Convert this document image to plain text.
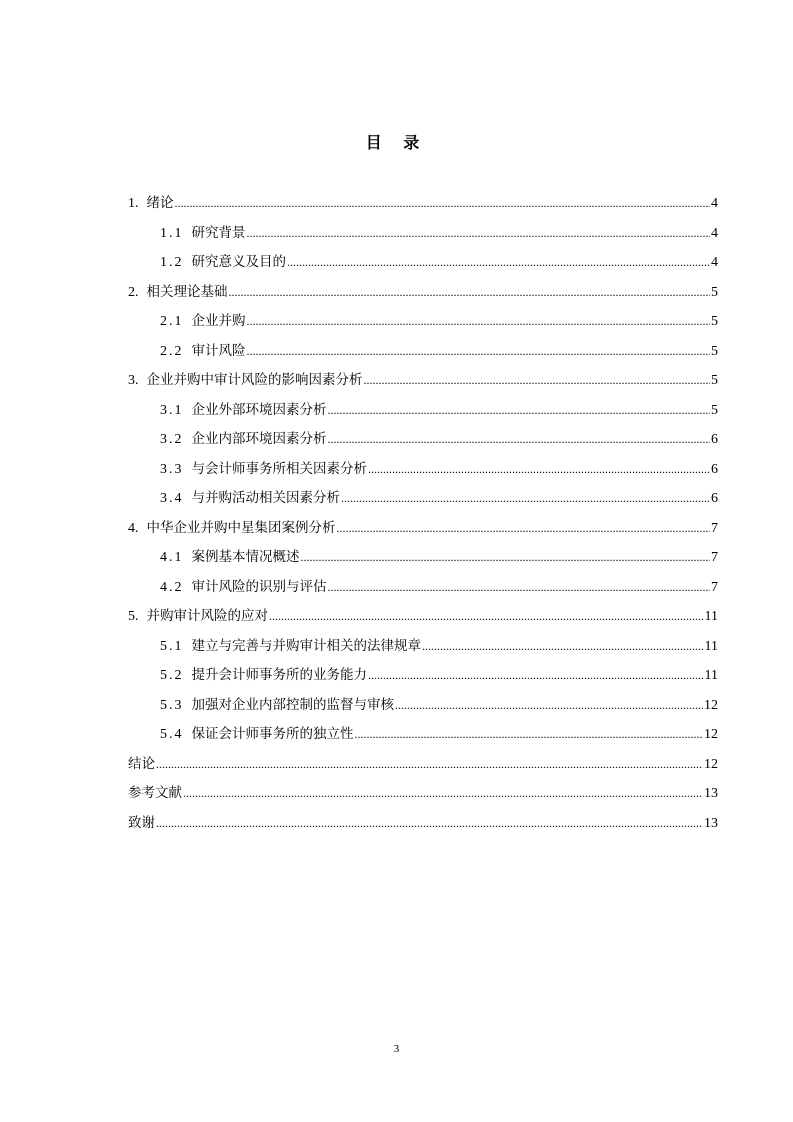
目 录
1. 绪论 .....	4
1.1 研究背景 .....	4
1.2 研究意义及目的 .....	4
2. 相关理论基础 .....	5
2.1 企业并购 .....	5
2.2 审计风险 .....	5
3. 企业并购中审计风险的影响因素分析 .....	5
3.1 企业外部环境因素分析 .....	5
3.2 企业内部环境因素分析 .....	6
3.3 与会计师事务所相关因素分析 .....	6
3.4 与并购活动相关因素分析 .....	6
4. 中华企业并购中星集团案例分析 .....	7
4.1 案例基本情况概述 .....	7
4.2 审计风险的识别与评估 .....	7
5. 并购审计风险的应对 .....	11
5.1 建立与完善与并购审计相关的法律规章 .....	11
5.2 提升会计师事务所的业务能力 .....	11
5.3 加强对企业内部控制的监督与审核 .....	12
5.4 保证会计师事务所的独立性 .....	12
结论 .....	12
参考文献 .....	13
致谢 .....	13
3
